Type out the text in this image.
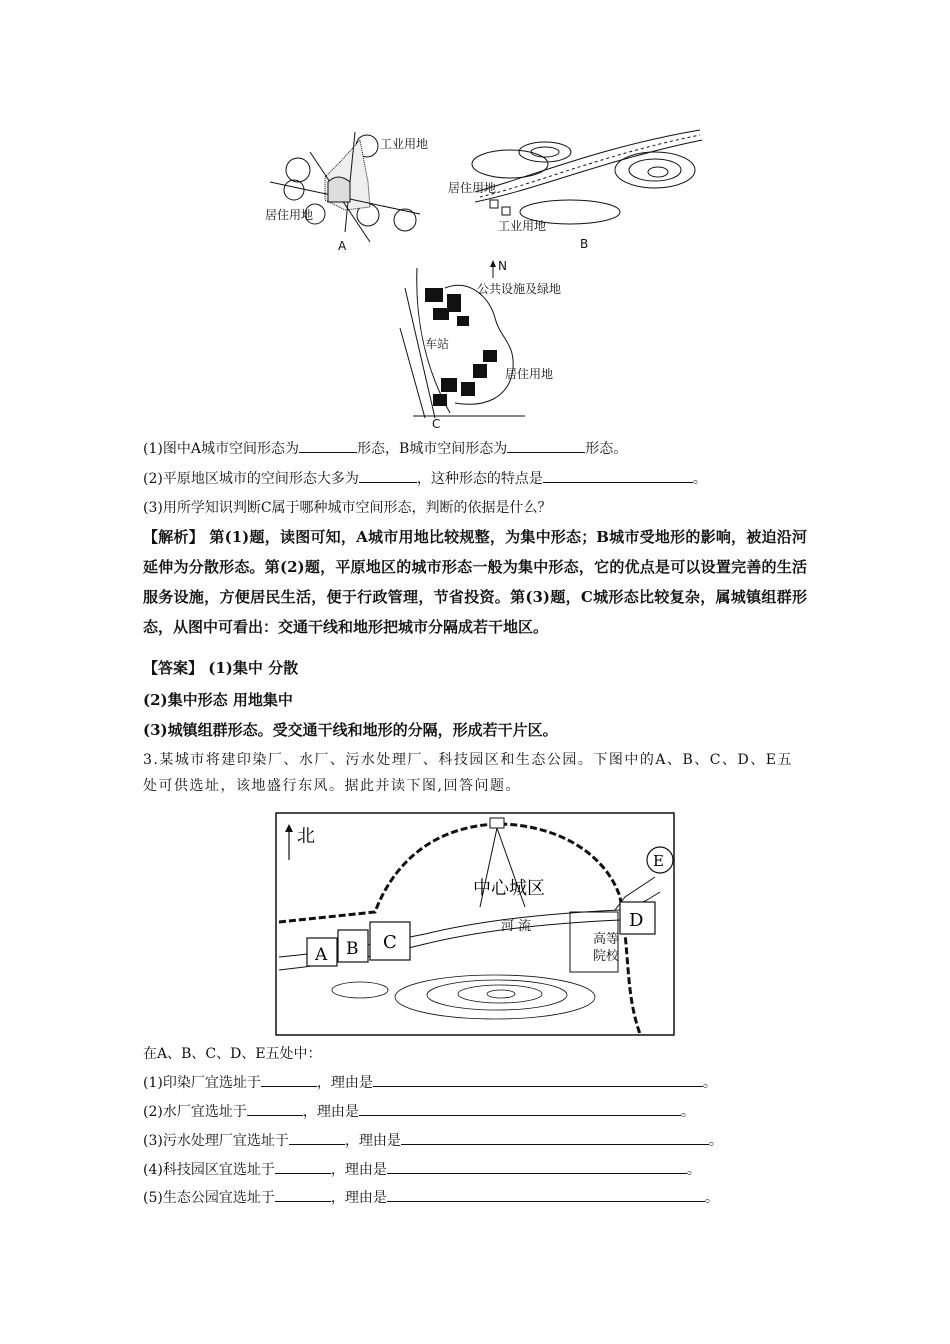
工业用地
居住用地
A
居住用地
工业用地
B
N
公共设施及绿地
车站
居住用地
C
(1)图中A城市空间形态为	形态，B城市空间形态为	形态。
(2)平原地区城市的空间形态大多为	，这种形态的特点是	。
(3)用所学知识判断C属于哪种城市空间形态，判断的依据是什么？
【解析】 第(1)题，读图可知，A城市用地比较规整，为集中形态；B城市受地形的影响，被迫沿河延伸为分散形态。第(2)题，平原地区的城市形态一般为集中形态，它的优点是可以设置完善的生活服务设施，方便居民生活，便于行政管理，节省投资。第(3)题，C城形态比较复杂，属城镇组群形态，从图中可看出：交通干线和地形把城市分隔成若干地区。
【答案】 (1)集中 分散
(2)集中形态 用地集中
(3)城镇组群形态。受交通干线和地形的分隔，形成若干片区。
3.某城市将建印染厂、水厂、污水处理厂、科技园区和生态公园。下图中的A、B、C、D、E五处可供选址，该地盛行东风。据此并读下图,回答问题。
北
中心城区
河 流
高等
院校
A B C
D
E
在A、B、C、D、E五处中：
(1)印染厂宜选址于	，理由是	。
(2)水厂宜选址于	，理由是	。
(3)污水处理厂宜选址于	，理由是	。
(4)科技园区宜选址于	，理由是	。
(5)生态公园宜选址于	，理由是	。
